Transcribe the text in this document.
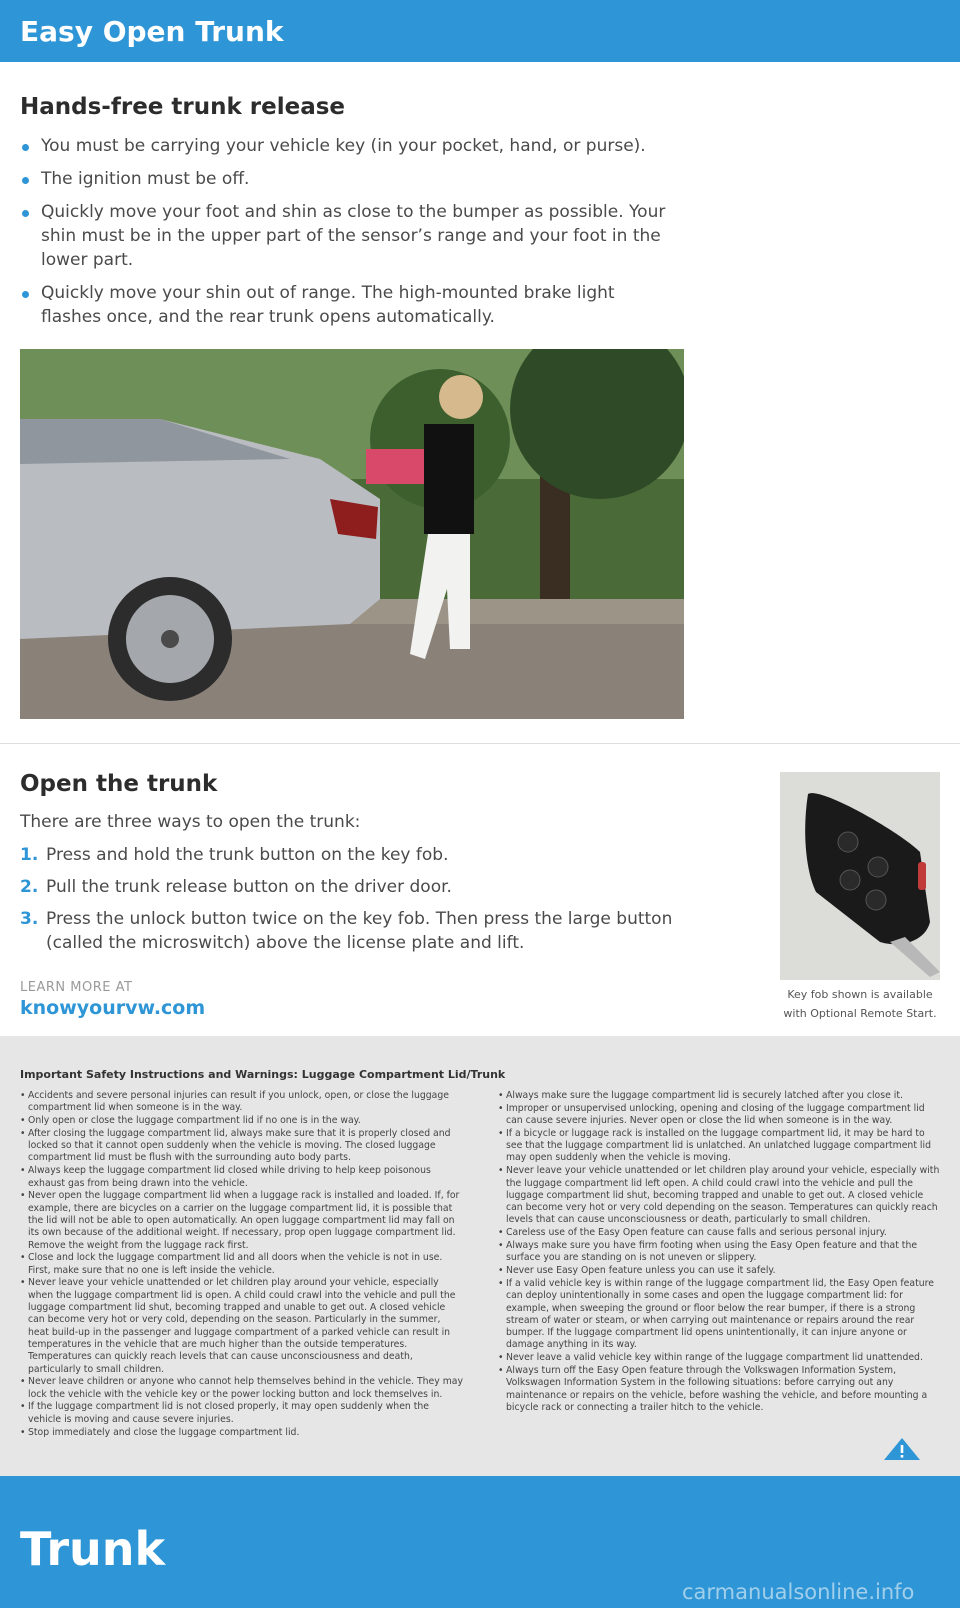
Easy Open Trunk
Hands-free trunk release
You must be carrying your vehicle key (in your pocket, hand, or purse).
The ignition must be off.
Quickly move your foot and shin as close to the bumper as possible. Your shin must be in the upper part of the sensor’s range and your foot in the lower part.
Quickly move your shin out of range. The high-mounted brake light flashes once, and the rear trunk opens automatically.
Open the trunk
There are three ways to open the trunk:
1. Press and hold the trunk button on the key fob.
2. Pull the trunk release button on the driver door.
3. Press the unlock button twice on the key fob. Then press the large button (called the microswitch) above the license plate and lift.
LEARN MORE AT
knowyourvw.com
Key fob shown is available with Optional Remote Start.
Important Safety Instructions and Warnings: Luggage Compartment Lid/Trunk
• Accidents and severe personal injuries can result if you unlock, open, or close the luggage compartment lid when someone is in the way.
• Only open or close the luggage compartment lid if no one is in the way.
• After closing the luggage compartment lid, always make sure that it is properly closed and locked so that it cannot open suddenly when the vehicle is moving. The closed luggage compartment lid must be flush with the surrounding auto body parts.
• Always keep the luggage compartment lid closed while driving to help keep poisonous exhaust gas from being drawn into the vehicle.
• Never open the luggage compartment lid when a luggage rack is installed and loaded. If, for example, there are bicycles on a carrier on the luggage compartment lid, it is possible that the lid will not be able to open automatically. An open luggage compartment lid may fall on its own because of the additional weight. If necessary, prop open luggage compartment lid. Remove the weight from the luggage rack first.
• Close and lock the luggage compartment lid and all doors when the vehicle is not in use. First, make sure that no one is left inside the vehicle.
• Never leave your vehicle unattended or let children play around your vehicle, especially when the luggage compartment lid is open. A child could crawl into the vehicle and pull the luggage compartment lid shut, becoming trapped and unable to get out. A closed vehicle can become very hot or very cold, depending on the season. Particularly in the summer, heat build-up in the passenger and luggage compartment of a parked vehicle can result in temperatures in the vehicle that are much higher than the outside temperatures. Temperatures can quickly reach levels that can cause unconsciousness and death, particularly to small children.
• Never leave children or anyone who cannot help themselves behind in the vehicle. They may lock the vehicle with the vehicle key or the power locking button and lock themselves in.
• If the luggage compartment lid is not closed properly, it may open suddenly when the vehicle is moving and cause severe injuries.
• Stop immediately and close the luggage compartment lid.
• Always make sure the luggage compartment lid is securely latched after you close it.
• Improper or unsupervised unlocking, opening and closing of the luggage compartment lid can cause severe injuries. Never open or close the lid when someone is in the way.
• If a bicycle or luggage rack is installed on the luggage compartment lid, it may be hard to see that the luggage compartment lid is unlatched. An unlatched luggage compartment lid may open suddenly when the vehicle is moving.
• Never leave your vehicle unattended or let children play around your vehicle, especially with the luggage compartment lid left open. A child could crawl into the vehicle and pull the luggage compartment lid shut, becoming trapped and unable to get out. A closed vehicle can become very hot or very cold depending on the season. Temperatures can quickly reach levels that can cause unconsciousness or death, particularly to small children.
• Careless use of the Easy Open feature can cause falls and serious personal injury.
• Always make sure you have firm footing when using the Easy Open feature and that the surface you are standing on is not uneven or slippery.
• Never use Easy Open feature unless you can use it safely.
• If a valid vehicle key is within range of the luggage compartment lid, the Easy Open feature can deploy unintentionally in some cases and open the luggage compartment lid: for example, when sweeping the ground or floor below the rear bumper, if there is a strong stream of water or steam, or when carrying out maintenance or repairs around the rear bumper. If the luggage compartment lid opens unintentionally, it can injure anyone or damage anything in its way.
• Never leave a valid vehicle key within range of the luggage compartment lid unattended.
• Always turn off the Easy Open feature through the Volkswagen Information System, Volkswagen Information System in the following situations: before carrying out any maintenance or repairs on the vehicle, before washing the vehicle, and before mounting a bicycle rack or connecting a trailer hitch to the vehicle.
Trunk
carmanualsonline.info
